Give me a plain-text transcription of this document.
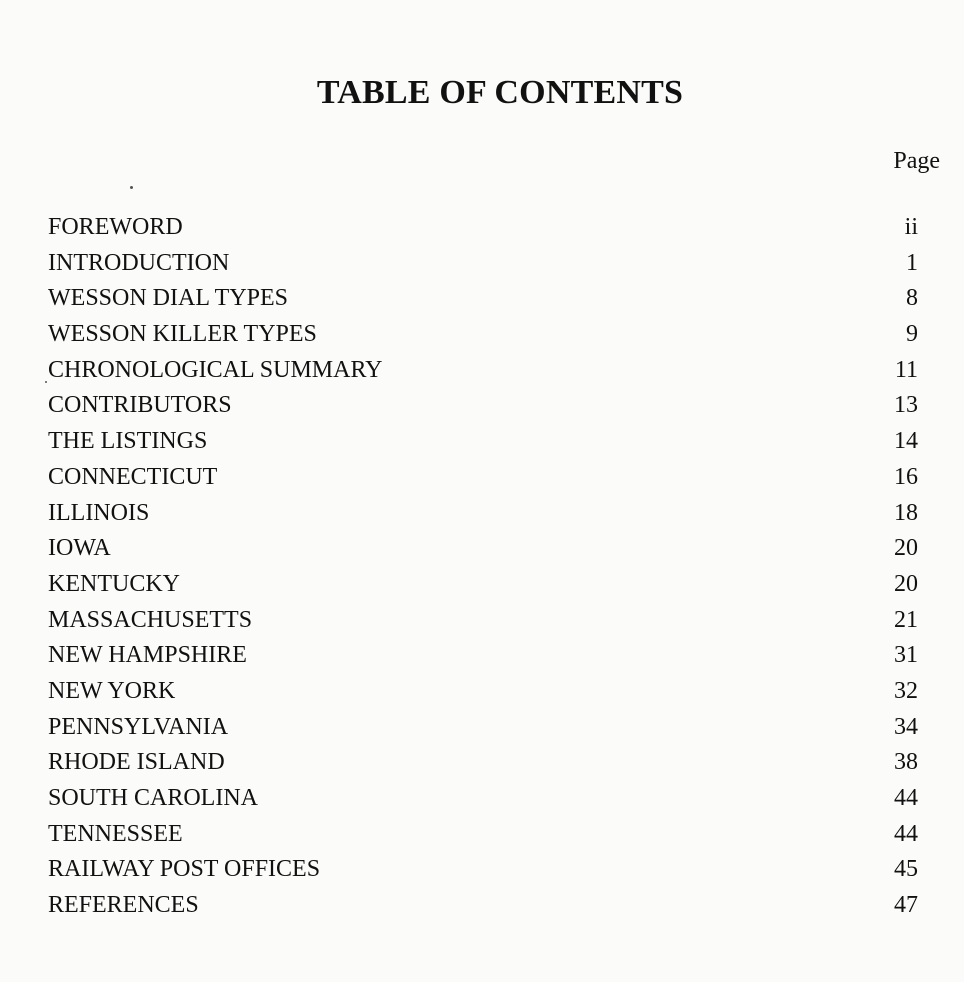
TABLE OF CONTENTS
Page
FOREWORD	ii
INTRODUCTION	1
WESSON DIAL TYPES	8
WESSON KILLER TYPES	9
CHRONOLOGICAL SUMMARY	11
CONTRIBUTORS	13
THE LISTINGS	14
CONNECTICUT	16
ILLINOIS	18
IOWA	20
KENTUCKY	20
MASSACHUSETTS	21
NEW HAMPSHIRE	31
NEW YORK	32
PENNSYLVANIA	34
RHODE ISLAND	38
SOUTH CAROLINA	44
TENNESSEE	44
RAILWAY POST OFFICES	45
REFERENCES	47
